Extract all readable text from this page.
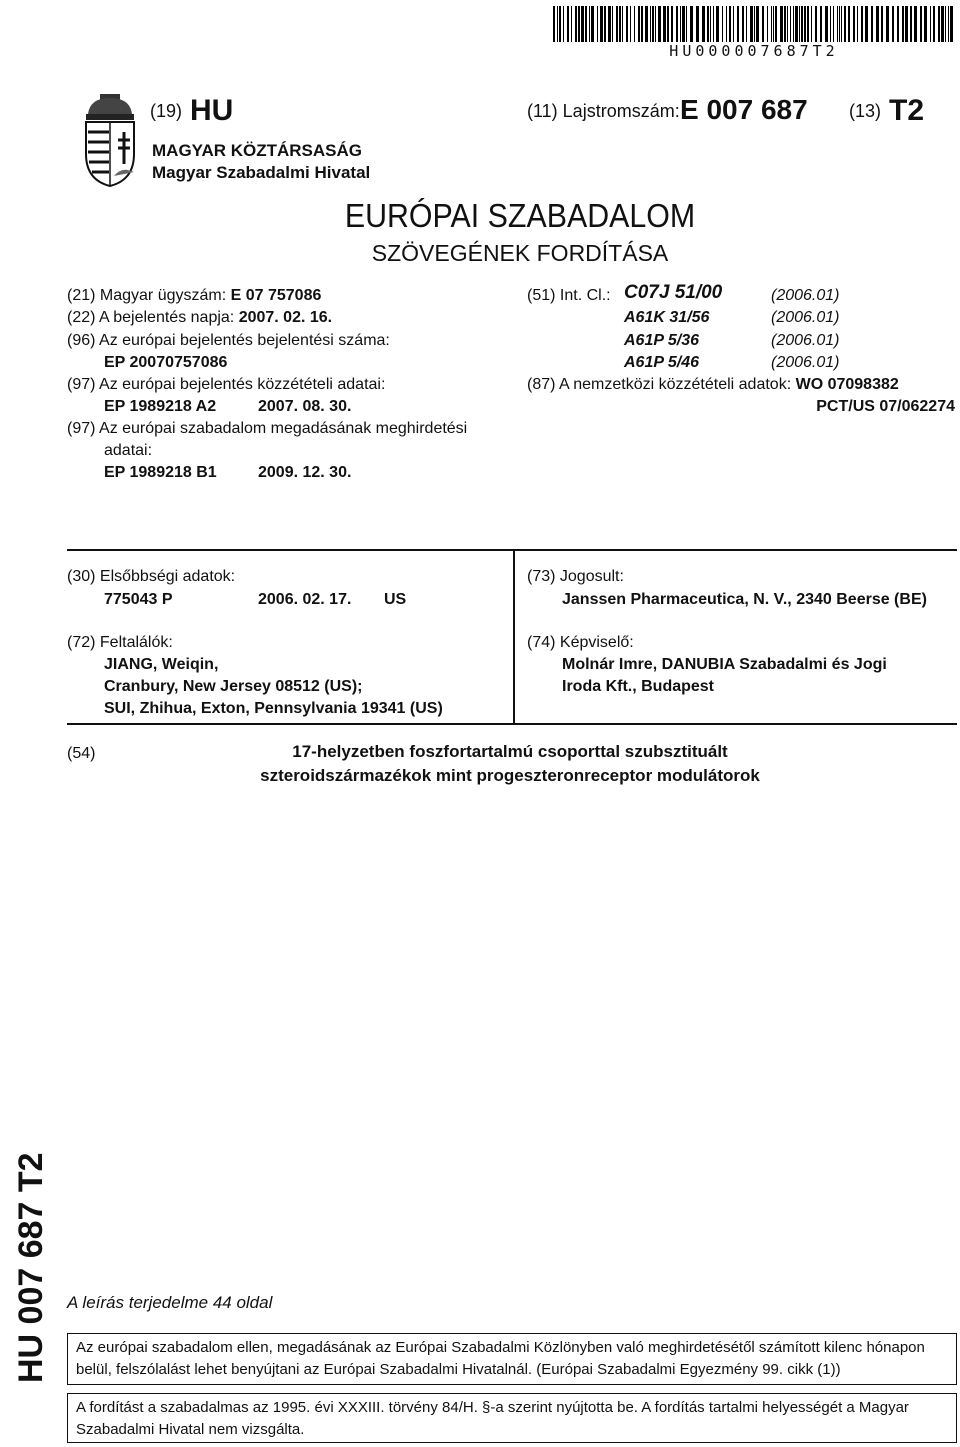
HU000007687T2
(19) HU	(11) Lajstromszám: E 007 687 (13) T2
MAGYAR KÖZTÁRSASÁG
Magyar Szabadalmi Hivatal
EURÓPAI SZABADALOM
SZÖVEGÉNEK FORDÍTÁSA
(21) Magyar ügyszám: E 07 757086
(22) A bejelentés napja: 2007. 02. 16.
(96) Az európai bejelentés bejelentési száma:
EP 20070757086
(97) Az európai bejelentés közzétételi adatai:
EP 1989218 A2	2007. 08. 30.
(97) Az európai szabadalom megadásának meghirdetési
adatai:
EP 1989218 B1	2009. 12. 30.
(51) Int. Cl.: C07J 51/00	(2006.01)
A61K 31/56	(2006.01)
A61P 5/36	(2006.01)
A61P 5/46	(2006.01)
(87) A nemzetközi közzétételi adatok: WO 07098382
PCT/US 07/062274
(30) Elsőbbségi adatok:
775043 P	2006. 02. 17. US
(72) Feltalálók:
JIANG, Weiqin,
Cranbury, New Jersey 08512 (US);
SUI, Zhihua, Exton, Pennsylvania 19341 (US)
(73) Jogosult:
Janssen Pharmaceutica, N. V., 2340 Beerse (BE)
(74) Képviselő:
Molnár Imre, DANUBIA Szabadalmi és Jogi
Iroda Kft., Budapest
(54)	17-helyzetben foszfortartalmú csoporttal szubsztituált
szteroidszármazékok mint progeszteronreceptor modulátorok
HU 007 687 T2 A leírás terjedelme 44 oldal
Az európai szabadalom ellen, megadásának az Európai Szabadalmi Közlönyben való meghirdetésétől számított kilenc hónapon belül, felszólalást lehet benyújtani az Európai Szabadalmi Hivatalnál. (Európai Szabadalmi Egyezmény 99. cikk (1))
A fordítást a szabadalmas az 1995. évi XXXIII. törvény 84/H. §-a szerint nyújtotta be. A fordítás tartalmi helyességét a Magyar Szabadalmi Hivatal nem vizsgálta.
